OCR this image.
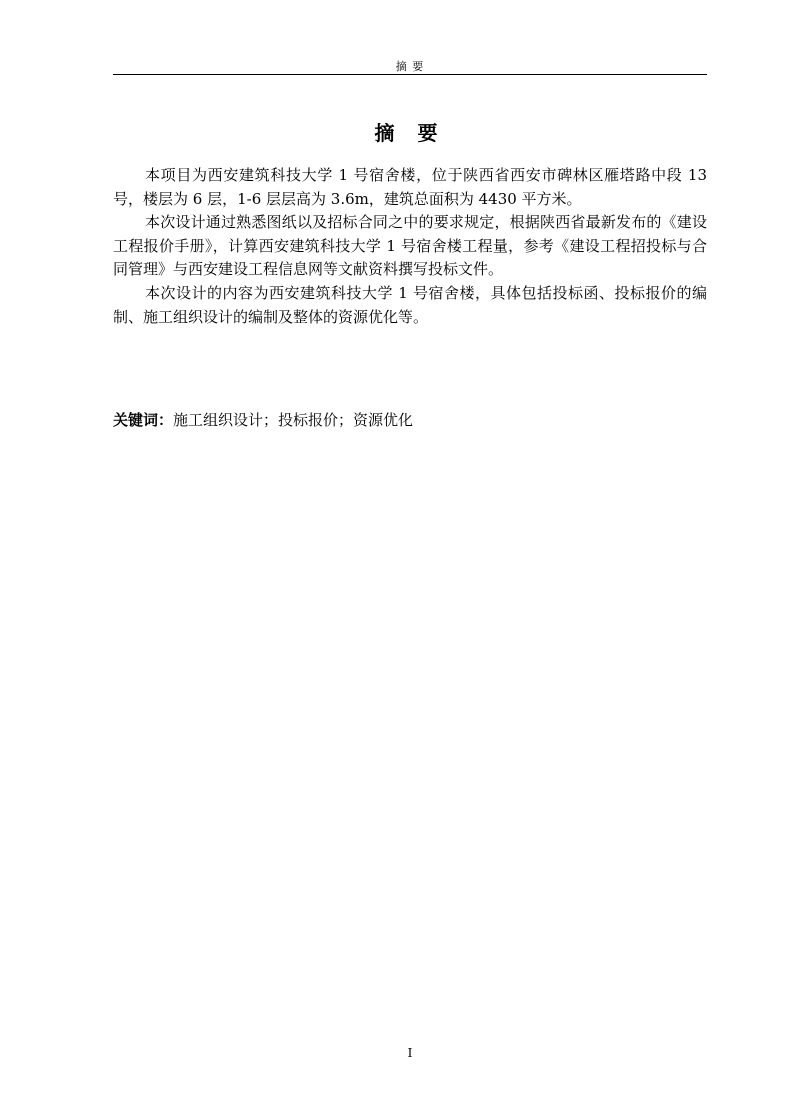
摘 要
摘 要

本项目为西安建筑科技大学 1 号宿舍楼，位于陕西省西安市碑林区雁塔路中段 13 号，楼层为 6 层，1-6 层层高为 3.6m，建筑总面积为 4430 平方米。

本次设计通过熟悉图纸以及招标合同之中的要求规定，根据陕西省最新发布的《建设工程报价手册》，计算西安建筑科技大学 1 号宿舍楼工程量，参考《建设工程招投标与合同管理》与西安建设工程信息网等文献资料撰写投标文件。

本次设计的内容为西安建筑科技大学 1 号宿舍楼，具体包括投标函、投标报价的编制、施工组织设计的编制及整体的资源优化等。

关键词：施工组织设计；投标报价；资源优化
I
